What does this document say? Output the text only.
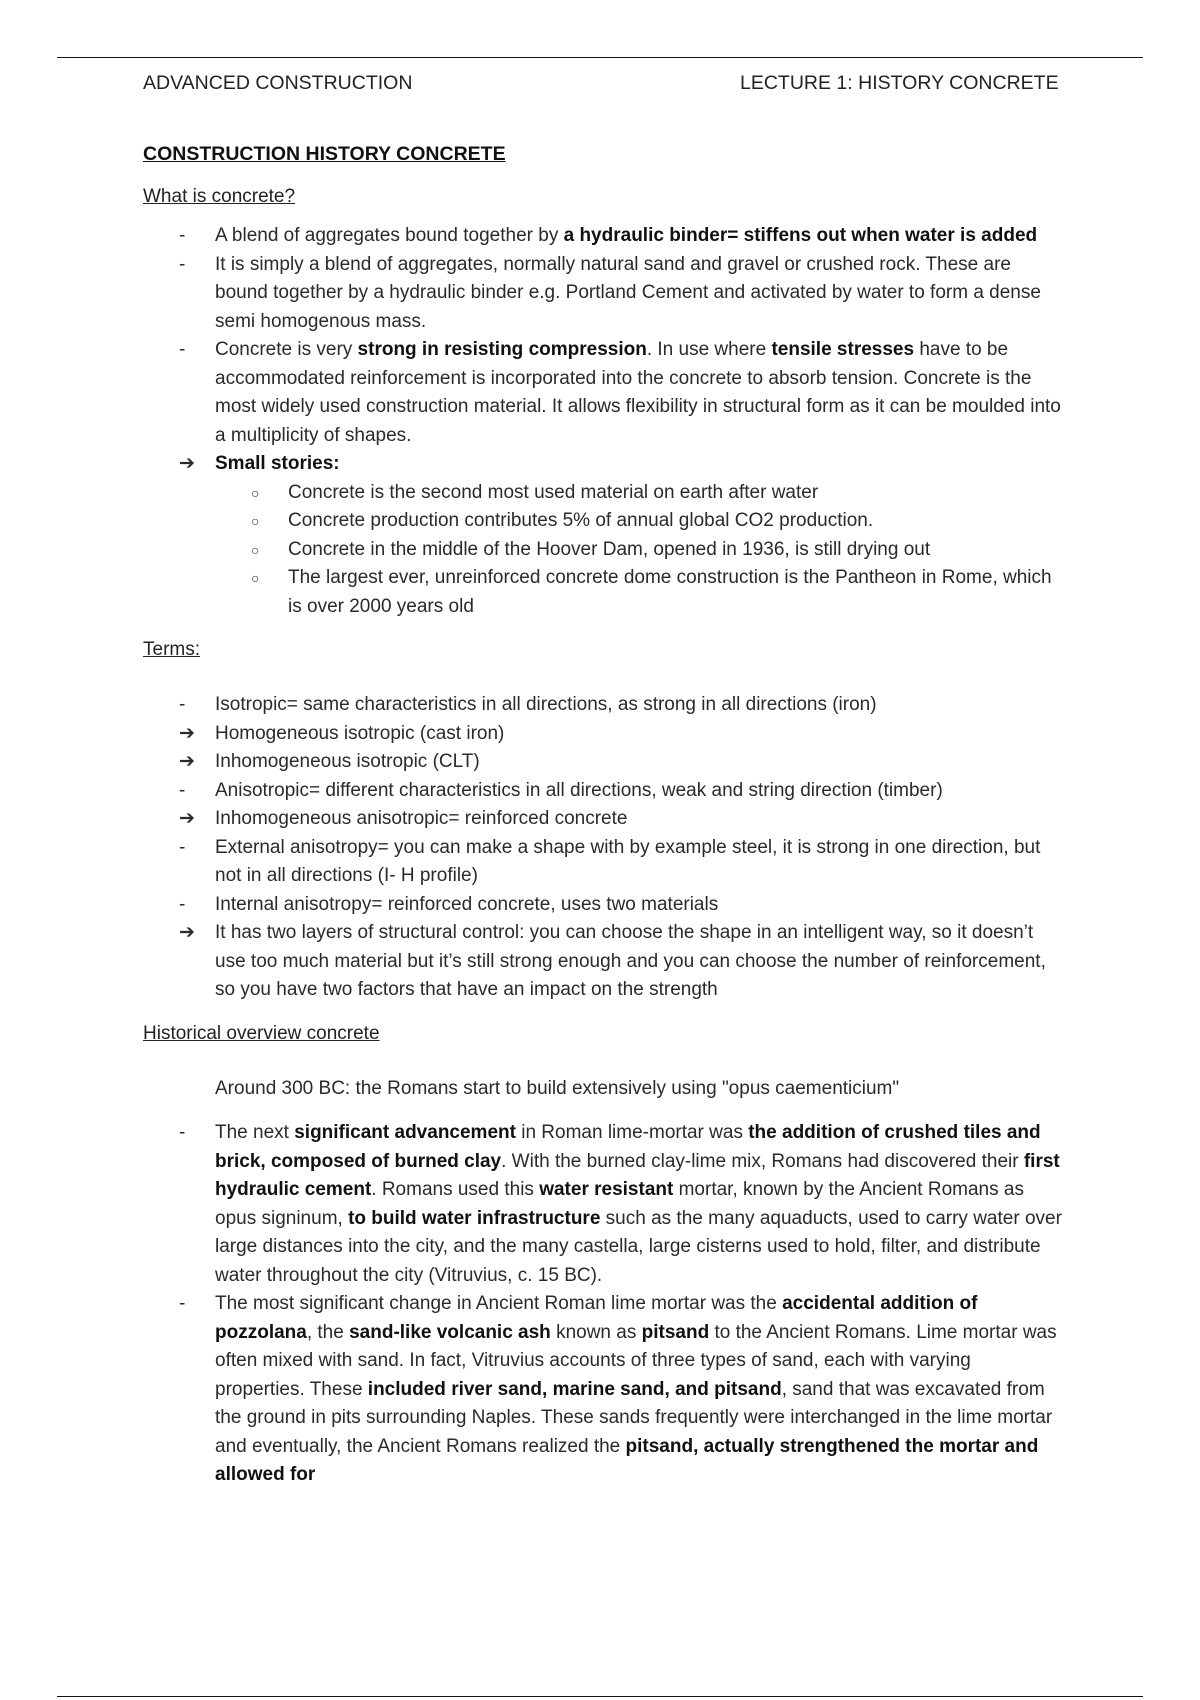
ADVANCED CONSTRUCTION	LECTURE 1: HISTORY CONCRETE
CONSTRUCTION HISTORY CONCRETE
What is concrete?
-	A blend of aggregates bound together by a hydraulic binder= stiffens out when water is added
-	It is simply a blend of aggregates, normally natural sand and gravel or crushed rock. These are bound together by a hydraulic binder e.g. Portland Cement and activated by water to form a dense semi homogenous mass.
-	Concrete is very strong in resisting compression. In use where tensile stresses have to be accommodated reinforcement is incorporated into the concrete to absorb tension. Concrete is the most widely used construction material. It allows flexibility in structural form as it can be moulded into a multiplicity of shapes.
➔	Small stories:
○ Concrete is the second most used material on earth after water
○ Concrete production contributes 5% of annual global CO2 production.
○ Concrete in the middle of the Hoover Dam, opened in 1936, is still drying out
○ The largest ever, unreinforced concrete dome construction is the Pantheon in Rome, which is over 2000 years old
Terms:
-	Isotropic= same characteristics in all directions, as strong in all directions (iron)
➔	Homogeneous isotropic (cast iron)
➔	Inhomogeneous isotropic (CLT)
-	Anisotropic= different characteristics in all directions, weak and string direction (timber)
➔	Inhomogeneous anisotropic= reinforced concrete
-	External anisotropy= you can make a shape with by example steel, it is strong in one direction, but not in all directions (I- H profile)
-	Internal anisotropy= reinforced concrete, uses two materials
➔	It has two layers of structural control: you can choose the shape in an intelligent way, so it doesn’t use too much material but it’s still strong enough and you can choose the number of reinforcement, so you have two factors that have an impact on the strength
Historical overview concrete
Around 300 BC: the Romans start to build extensively using "opus caementicium"
-	The next significant advancement in Roman lime-mortar was the addition of crushed tiles and brick, composed of burned clay. With the burned clay-lime mix, Romans had discovered their first hydraulic cement. Romans used this water resistant mortar, known by the Ancient Romans as opus signinum, to build water infrastructure such as the many aquaducts, used to carry water over large distances into the city, and the many castella, large cisterns used to hold, filter, and distribute water throughout the city (Vitruvius, c. 15 BC).
-	The most significant change in Ancient Roman lime mortar was the accidental addition of pozzolana, the sand-like volcanic ash known as pitsand to the Ancient Romans. Lime mortar was often mixed with sand. In fact, Vitruvius accounts of three types of sand, each with varying properties. These included river sand, marine sand, and pitsand, sand that was excavated from the ground in pits surrounding Naples. These sands frequently were interchanged in the lime mortar and eventually, the Ancient Romans realized the pitsand, actually strengthened the mortar and allowed for
